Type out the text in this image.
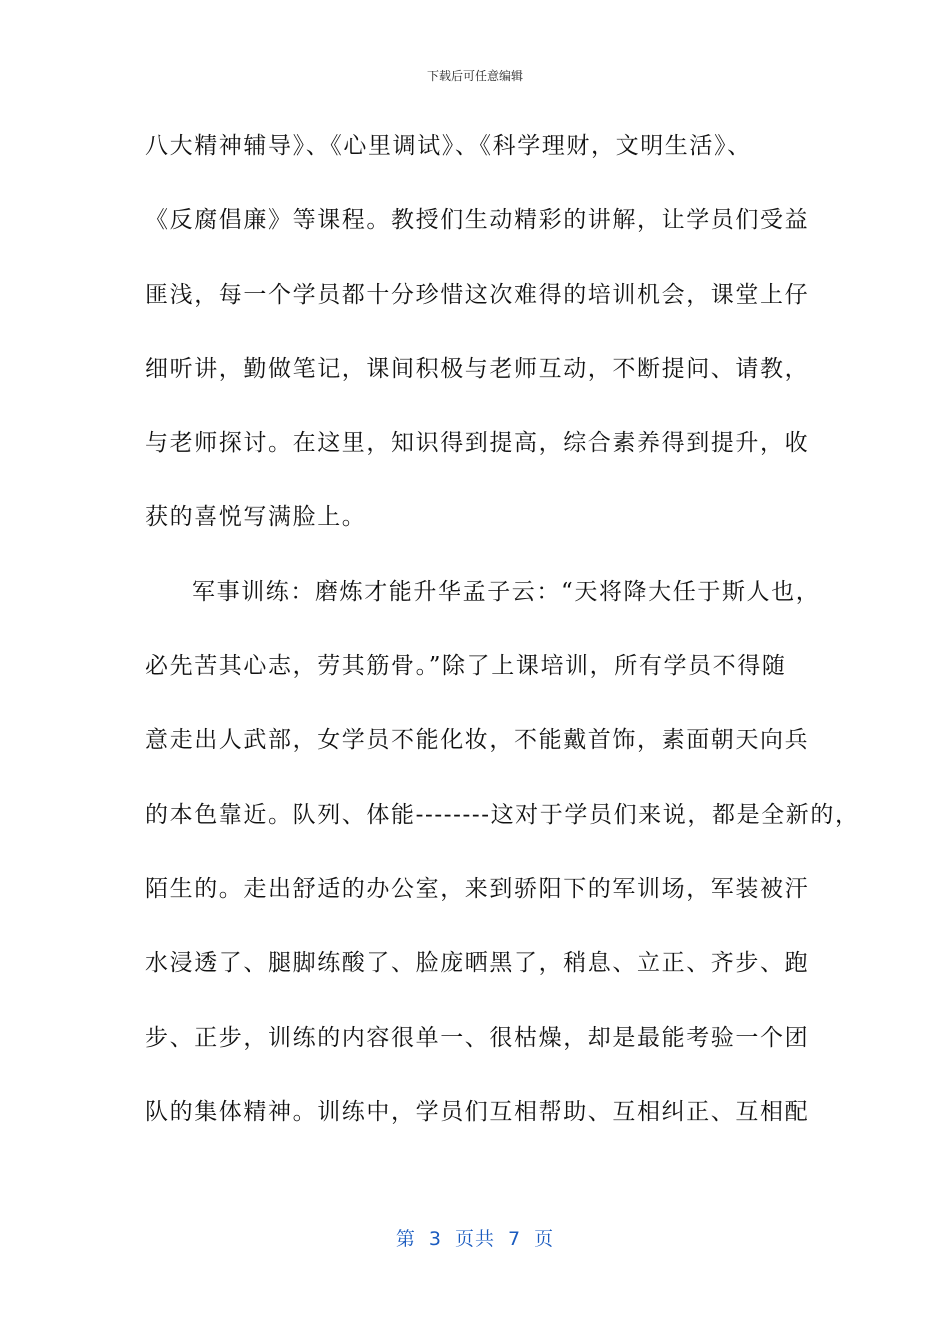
下载后可任意编辑
八大精神辅导》、《心里调试》、《科学理财，文明生活》、
《反腐倡廉》等课程。教授们生动精彩的讲解，让学员们受益
匪浅，每一个学员都十分珍惜这次难得的培训机会，课堂上仔
细听讲，勤做笔记，课间积极与老师互动，不断提问、请教，
与老师探讨。在这里，知识得到提高，综合素养得到提升，收
获的喜悦写满脸上。
军事训练：磨炼才能升华孟子云：“天将降大任于斯人也，
必先苦其心志，劳其筋骨。”除了上课培训，所有学员不得随
意走出人武部，女学员不能化妆，不能戴首饰，素面朝天向兵
的本色靠近。队列、体能--------这对于学员们来说，都是全新的，
陌生的。走出舒适的办公室，来到骄阳下的军训场，军装被汗
水浸透了、腿脚练酸了、脸庞晒黑了，稍息、立正、齐步、跑
步、正步，训练的内容很单一、很枯燥，却是最能考验一个团
队的集体精神。训练中，学员们互相帮助、互相纠正、互相配
第 3 页共 7 页
